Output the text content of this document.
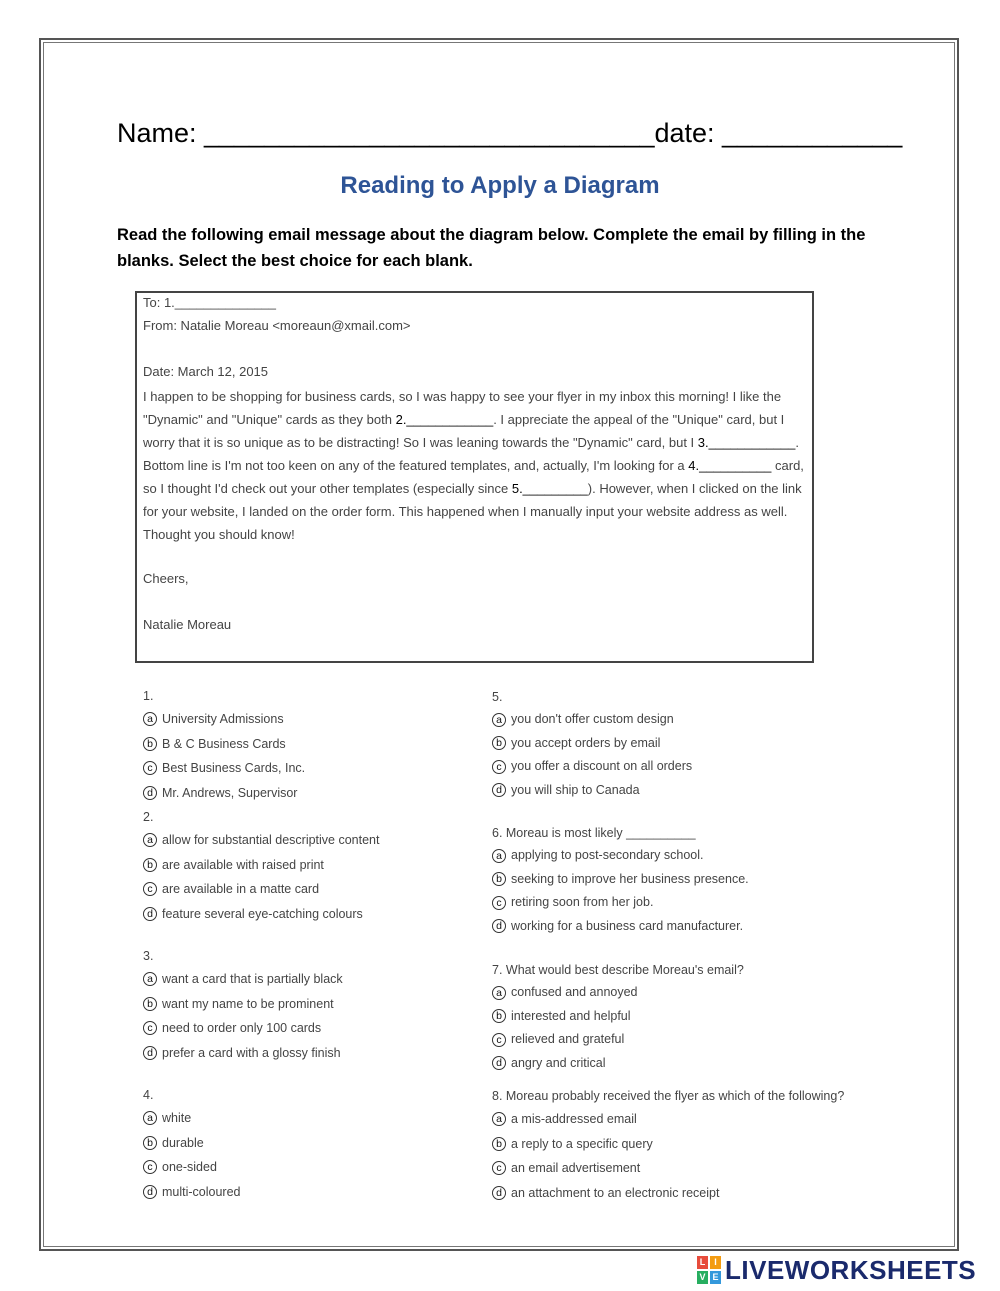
Name: ______________________________date: ____________
Reading to Apply a Diagram
Read the following email message about the diagram below. Complete the email by filling in the blanks. Select the best choice for each blank.
To: 1.______________
From: Natalie Moreau <moreaun@xmail.com>
Date: March 12, 2015
I happen to be shopping for business cards, so I was happy to see your flyer in my inbox this morning! I like the "Dynamic" and "Unique" cards as they both 2.____________. I appreciate the appeal of the "Unique" card, but I worry that it is so unique as to be distracting! So I was leaning towards the "Dynamic" card, but I 3.____________. Bottom line is I'm not too keen on any of the featured templates, and, actually, I'm looking for a 4.__________ card, so I thought I'd check out your other templates (especially since 5._________). However, when I clicked on the link for your website, I landed on the order form. This happened when I manually input your website address as well. Thought you should know!
Cheers,
Natalie Moreau
1.
a University Admissions
b B & C Business Cards
c Best Business Cards, Inc.
d Mr. Andrews, Supervisor
2.
a allow for substantial descriptive content
b are available with raised print
c are available in a matte card
d feature several eye-catching colours
3.
a want a card that is partially black
b want my name to be prominent
c need to order only 100 cards
d prefer a card with a glossy finish
4.
a white
b durable
c one-sided
d multi-coloured
5.
a you don't offer custom design
b you accept orders by email
c you offer a discount on all orders
d you will ship to Canada
6. Moreau is most likely __________
a applying to post-secondary school.
b seeking to improve her business presence.
c retiring soon from her job.
d working for a business card manufacturer.
7. What would best describe Moreau's email?
a confused and annoyed
b interested and helpful
c relieved and grateful
d angry and critical
8. Moreau probably received the flyer as which of the following?
a a mis-addressed email
b a reply to a specific query
c an email advertisement
d an attachment to an electronic receipt
L I
V E LIVEWORKSHEETS
